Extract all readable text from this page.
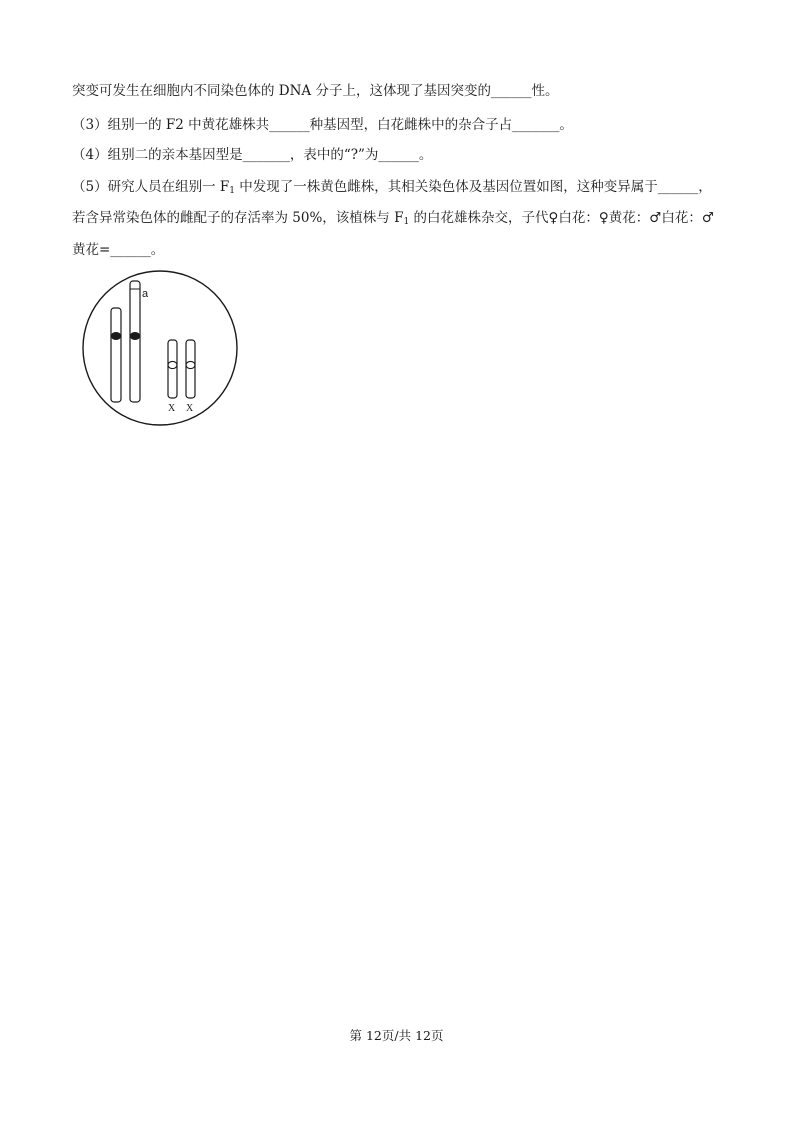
突变可发生在细胞内不同染色体的 DNA 分子上，这体现了基因突变的______性。
（3）组别一的 F2 中黄花雄株共______种基因型，白花雌株中的杂合子占_______。
（4）组别二的亲本基因型是_______，表中的“?”为______。
（5）研究人员在组别一 $F_1$ 中发现了一株黄色雌株，其相关染色体及基因位置如图，这种变异属于______，
若含异常染色体的雌配子的存活率为 50%，该植株与 $F_1$ 的白花雄株杂交，子代♀白花：♀黄花：♂白花：♂
黄花=______。
a
X X
第 12页/共 12页
